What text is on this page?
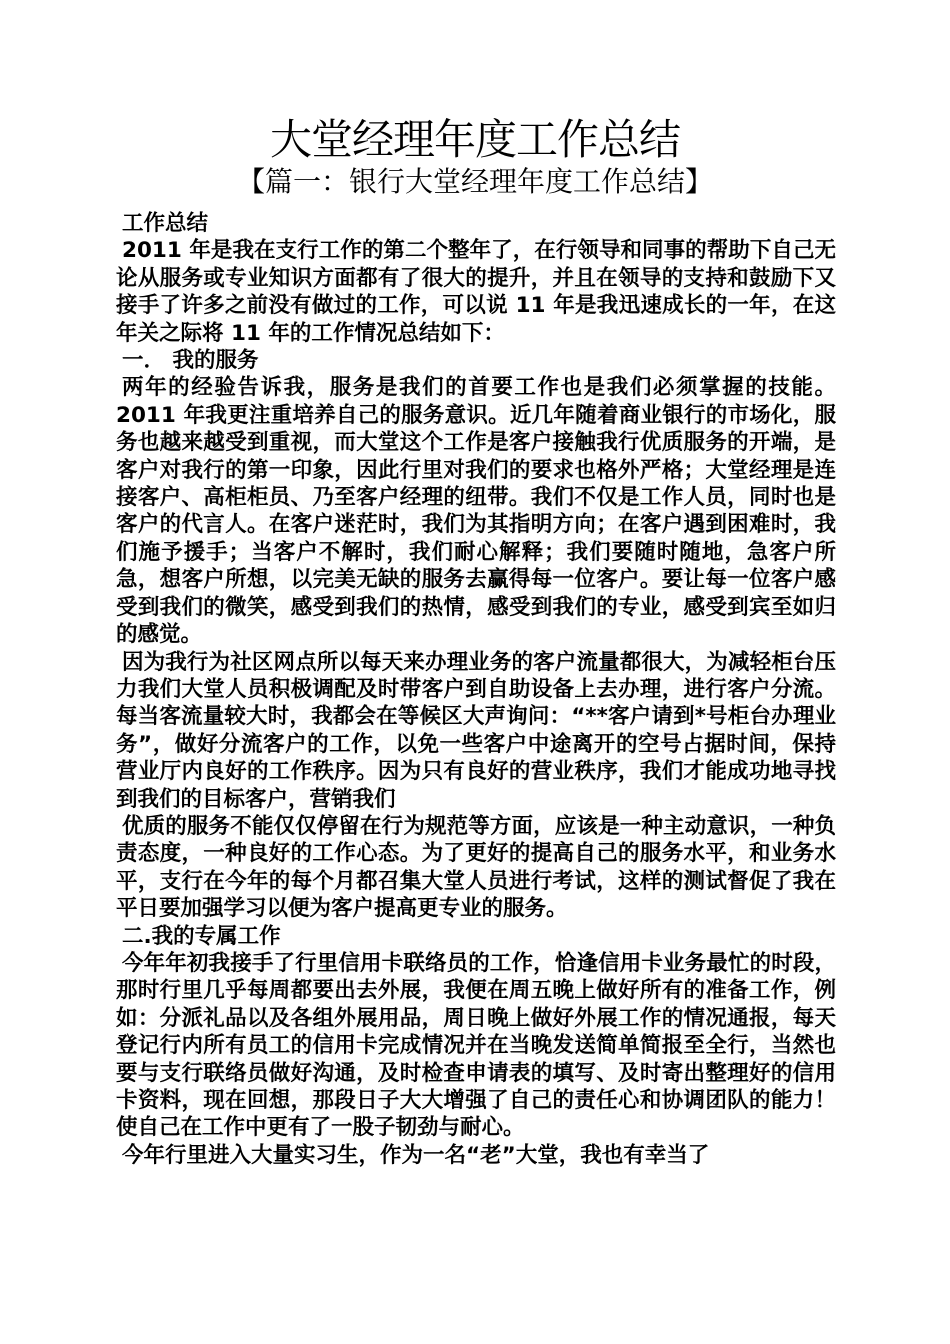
大堂经理年度工作总结
【篇一：银行大堂经理年度工作总结】

工作总结

2011 年是我在支行工作的第二个整年了，在行领导和同事的帮助下自己无论从服务或专业知识方面都有了很大的提升，并且在领导的支持和鼓励下又接手了许多之前没有做过的工作，可以说 11 年是我迅速成长的一年，在这年关之际将 11 年的工作情况总结如下：

一． 我的服务

两年的经验告诉我，服务是我们的首要工作也是我们必须掌握的技能。2011 年我更注重培养自己的服务意识。近几年随着商业银行的市场化，服务也越来越受到重视，而大堂这个工作是客户接触我行优质服务的开端，是客户对我行的第一印象，因此行里对我们的要求也格外严格；大堂经理是连接客户、高柜柜员、乃至客户经理的纽带。我们不仅是工作人员，同时也是客户的代言人。在客户迷茫时，我们为其指明方向；在客户遇到困难时，我们施予援手；当客户不解时，我们耐心解释；我们要随时随地，急客户所急，想客户所想，以完美无缺的服务去赢得每一位客户。要让每一位客户感受到我们的微笑，感受到我们的热情，感受到我们的专业，感受到宾至如归的感觉。

因为我行为社区网点所以每天来办理业务的客户流量都很大，为减轻柜台压力我们大堂人员积极调配及时带客户到自助设备上去办理，进行客户分流。每当客流量较大时，我都会在等候区大声询问：“**客户请到*号柜台办理业务”，做好分流客户的工作，以免一些客户中途离开的空号占据时间，保持营业厅内良好的工作秩序。因为只有良好的营业秩序，我们才能成功地寻找到我们的目标客户，营销我们

优质的服务不能仅仅停留在行为规范等方面，应该是一种主动意识，一种负责态度，一种良好的工作心态。为了更好的提高自己的服务水平，和业务水平，支行在今年的每个月都召集大堂人员进行考试，这样的测试督促了我在平日要加强学习以便为客户提高更专业的服务。

二.我的专属工作

今年年初我接手了行里信用卡联络员的工作，恰逢信用卡业务最忙的时段，那时行里几乎每周都要出去外展，我便在周五晚上做好所有的准备工作，例如：分派礼品以及各组外展用品，周日晚上做好外展工作的情况通报，每天登记行内所有员工的信用卡完成情况并在当晚发送简单简报至全行，当然也要与支行联络员做好沟通，及时检查申请表的填写、及时寄出整理好的信用卡资料，现在回想，那段日子大大增强了自己的责任心和协调团队的能力！使自己在工作中更有了一股子韧劲与耐心。

今年行里进入大量实习生，作为一名“老”大堂，我也有幸当了
